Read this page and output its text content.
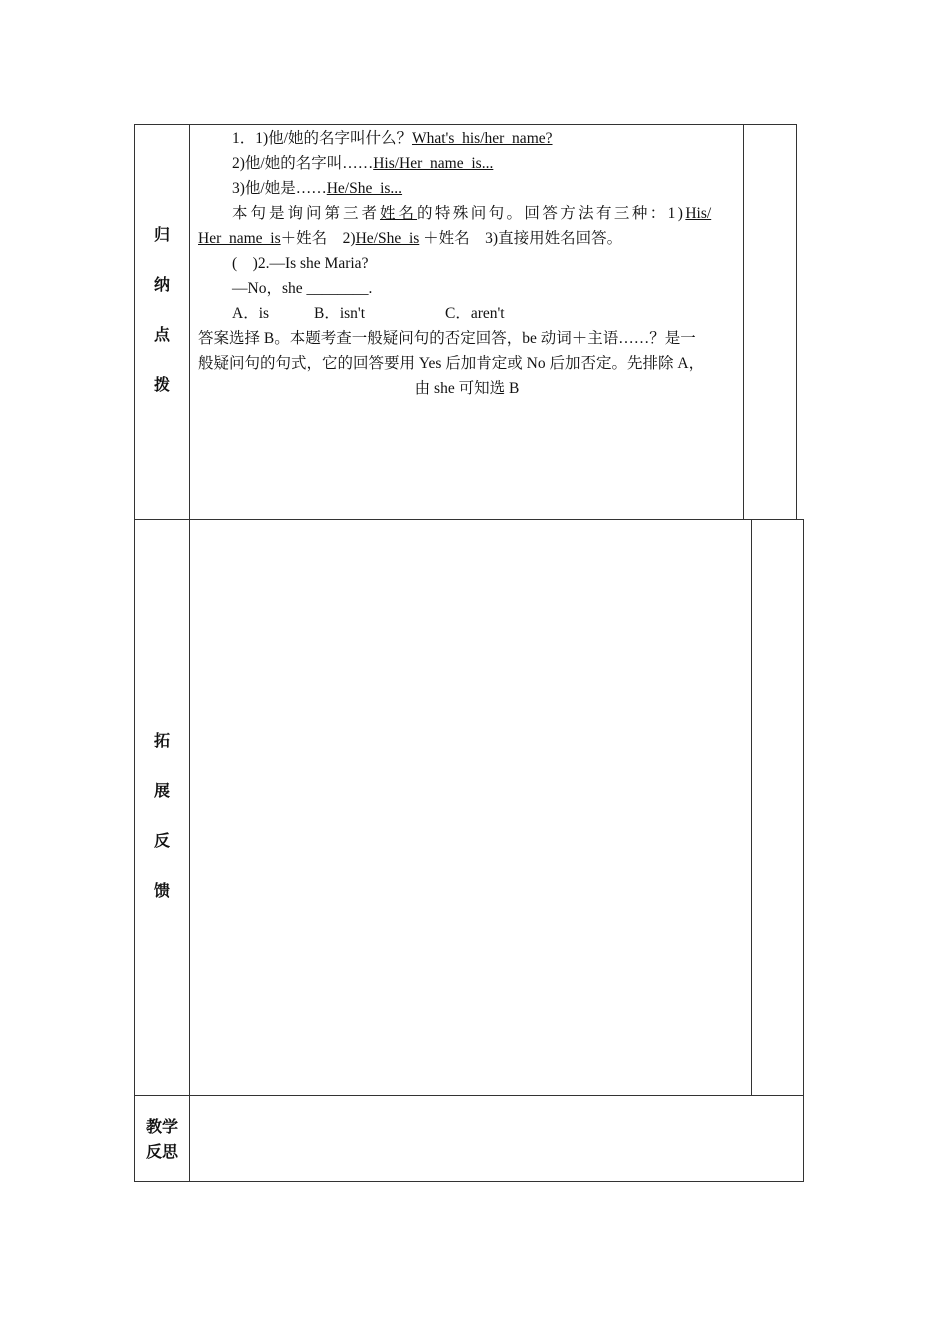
归
纳
点
拨
拓
展
反
馈
教学
反思
1．1)他/她的名字叫什么？What's  his/her  name?
2)他/她的名字叫……His/Her  name  is...
3)他/她是……He/She  is...
本句是询问第三者姓名的特殊问句。回答方法有三种：1)His/
Her  name  is＋姓名　2)He/She  is ＋姓名　3)直接用姓名回答。
(　)2.—Is she Maria?
—No，she ________.
A．is	B．isn't	C．aren't
答案选择 B。本题考查一般疑问句的否定回答，be 动词＋主语……？是一
般疑问句的句式，它的回答要用 Yes 后加肯定或 No 后加否定。先排除 A，
由 she 可知选 B
